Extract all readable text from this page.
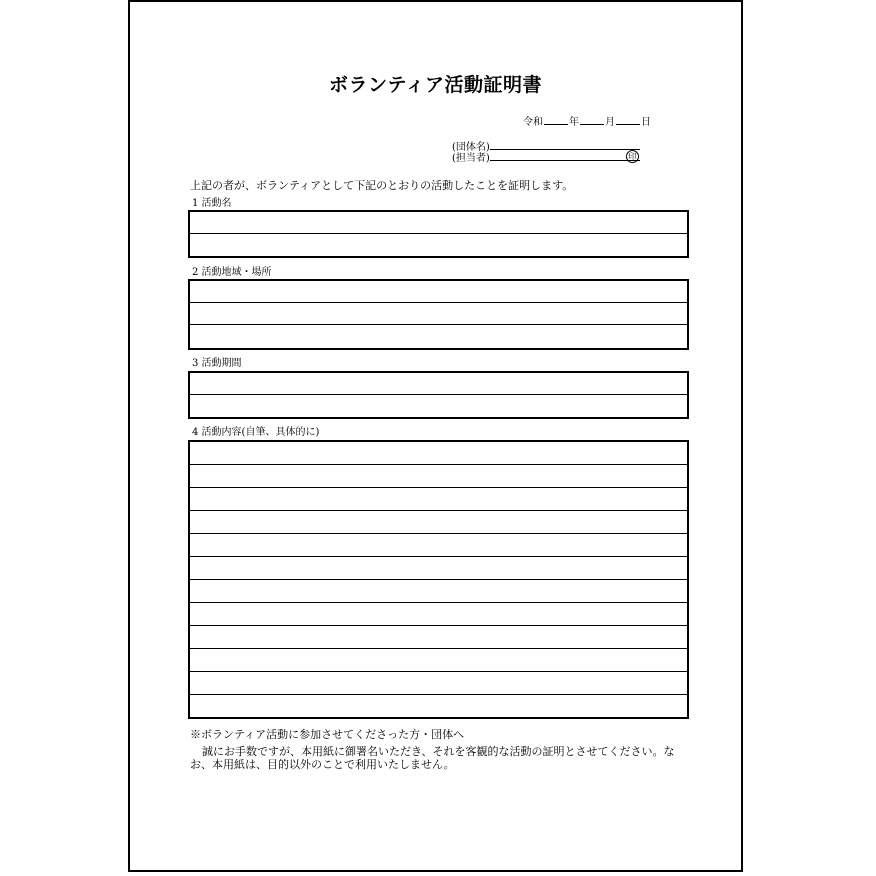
ボランティア活動証明書
令和	年	月	日
(団体名)
(担当者)	印
上記の者が、ボランティアとして下記のとおりの活動したことを証明します。
1 活動名
2 活動地域・場所
3 活動期間
4 活動内容(自筆、具体的に)
※ボランティア活動に参加させてくださった方・団体へ
誠にお手数ですが、本用紙に御署名いただき、それを客観的な活動の証明とさせてください。なお、本用紙は、目的以外のことで利用いたしません。
